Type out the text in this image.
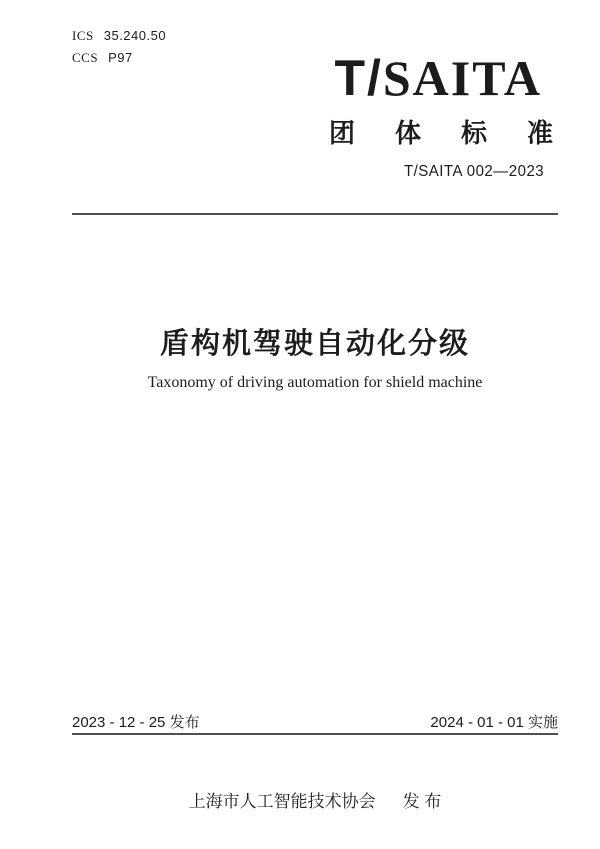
ICS 35.240.50
CCS P97	T/SAITA
团 体 标 准
T/SAITA 002—2023
盾构机驾驶自动化分级
Taxonomy of driving automation for shield machine
2023 - 12 - 25 发布	2024 - 01 - 01 实施
上海市人工智能技术协会 发 布
